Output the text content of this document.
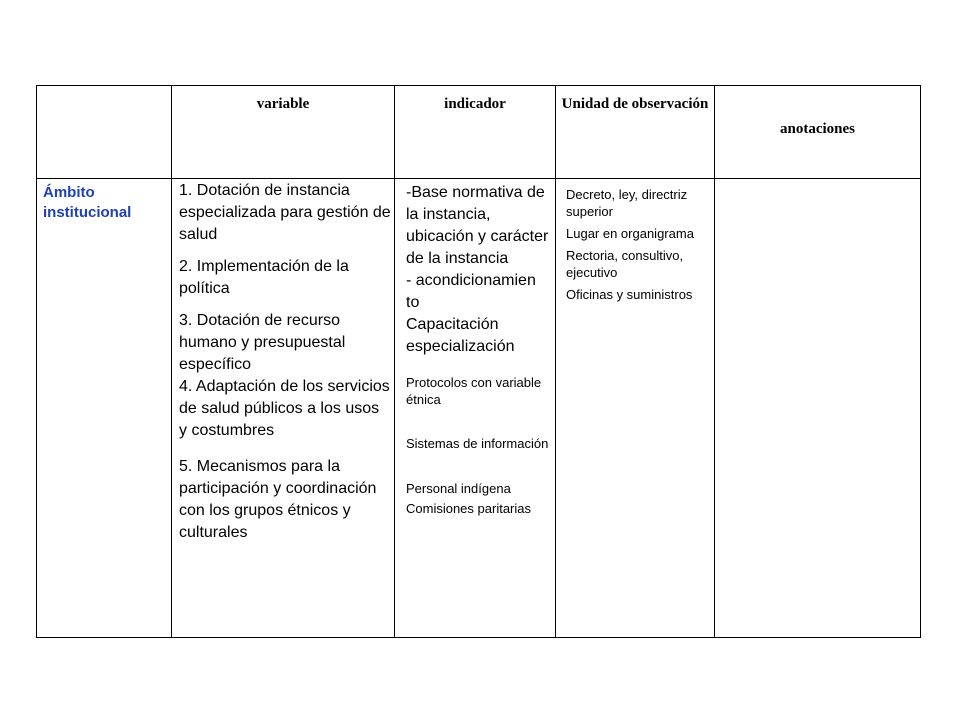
variable	indicador	Unidad de observación
anotaciones
Ámbito institucional

1. Dotación de instancia especializada para gestión de salud

2. Implementación de la política

3. Dotación de recurso humano y presupuestal específico

4. Adaptación de los servicios de salud públicos a los usos y costumbres

5. Mecanismos para la participación y coordinación con los grupos étnicos y culturales

-Base normativa de la instancia, ubicación y carácter de la instancia
- acondicionamien to
Capacitación especialización
Protocolos con variable étnica
Sistemas de información
Personal indígena
Comisiones paritarias
Decreto, ley, directriz superior
Lugar en organigrama
Rectoria, consultivo, ejecutivo
Oficinas y suministros
